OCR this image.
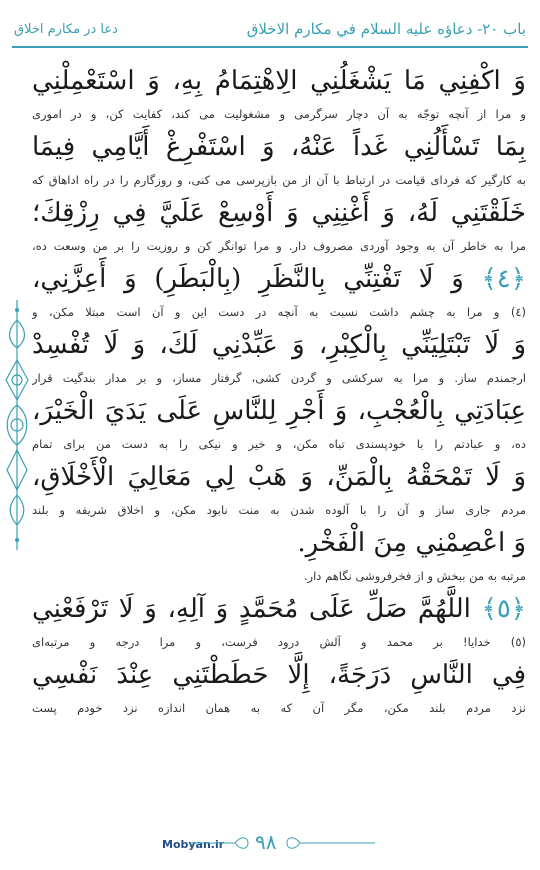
باب ۲۰- دعاؤه عليه السلام في مكارم الاخلاق
دعا در مکارم اخلاق
وَ اكْفِنِي مَا يَشْغَلُنِي الِاهْتِمَامُ بِهِ، وَ اسْتَعْمِلْنِي
و مرا از آنچه توجّه به آن دچار سرگرمی و مشغولیت می کند، کفایت کن، و در اموری
بِمَا تَسْأَلُنِي غَداً عَنْهُ، وَ اسْتَفْرِغْ أَيَّامِي فِيمَا
به کارگیر که فردای قیامت در ارتباط با آن از من بازپرسی می کنی، و روزگارم را در راه اداهاق که
خَلَقْتَنِي لَهُ، وَ أَغْنِنِي وَ أَوْسِعْ عَلَيَّ فِي رِزْقِكَ؛
مرا به خاطر آن به وجود آوردی مصروف دار. و مرا توانگر کن و روزیت را بر من وسعت ده،
﴿٤﴾ وَ لَا تَفْتِنِّي بِالنَّظَرِ (بِالْبَطَرِ) وَ أَعِزَّنِي،
(٤) و مرا به چشم داشت نسبت به آنچه در دست این و آن است مبتلا مکن، و
وَ لَا تَبْتَلِيَنِّي بِالْكِبْرِ، وَ عَبِّدْنِي لَكَ، وَ لَا تُفْسِدْ
ارجمندم ساز. و مرا به سرکشی و گردن کشی، گرفتار مساز، و بر مدار بندگیت قرار
عِبَادَتِي بِالْعُجْبِ، وَ أَجْرِ لِلنَّاسِ عَلَى يَدَيَ الْخَيْرَ،
ده، و عبادتم را با خودپسندی تباه مکن، و خیر و نیکی را به دست من برای تمام
وَ لَا تَمْحَقْهُ بِالْمَنِّ، وَ هَبْ لِي مَعَالِيَ الْأَخْلَاقِ،
مردم جاری ساز و آن را با آلوده شدن به منت نابود مکن، و اخلاق شریفه و بلند
وَ اعْصِمْنِي مِنَ الْفَخْرِ.
مرتبه به من ببخش و از فخرفروشی نگاهم دار.
﴿٥﴾ اللَّهُمَّ صَلِّ عَلَى مُحَمَّدٍ وَ آلِهِ، وَ لَا تَرْفَعْنِي
(٥) خدایا! بر محمد و آلش درود فرست، و مرا درجه و مرتبه‌ای
فِي النَّاسِ دَرَجَةً، إِلَّا حَطَطْتَنِي عِنْدَ نَفْسِي
نزد مردم بلند مکن، مگر آن که به همان اندازه نزد خودم پست
Mobyan.ir ۹۸
